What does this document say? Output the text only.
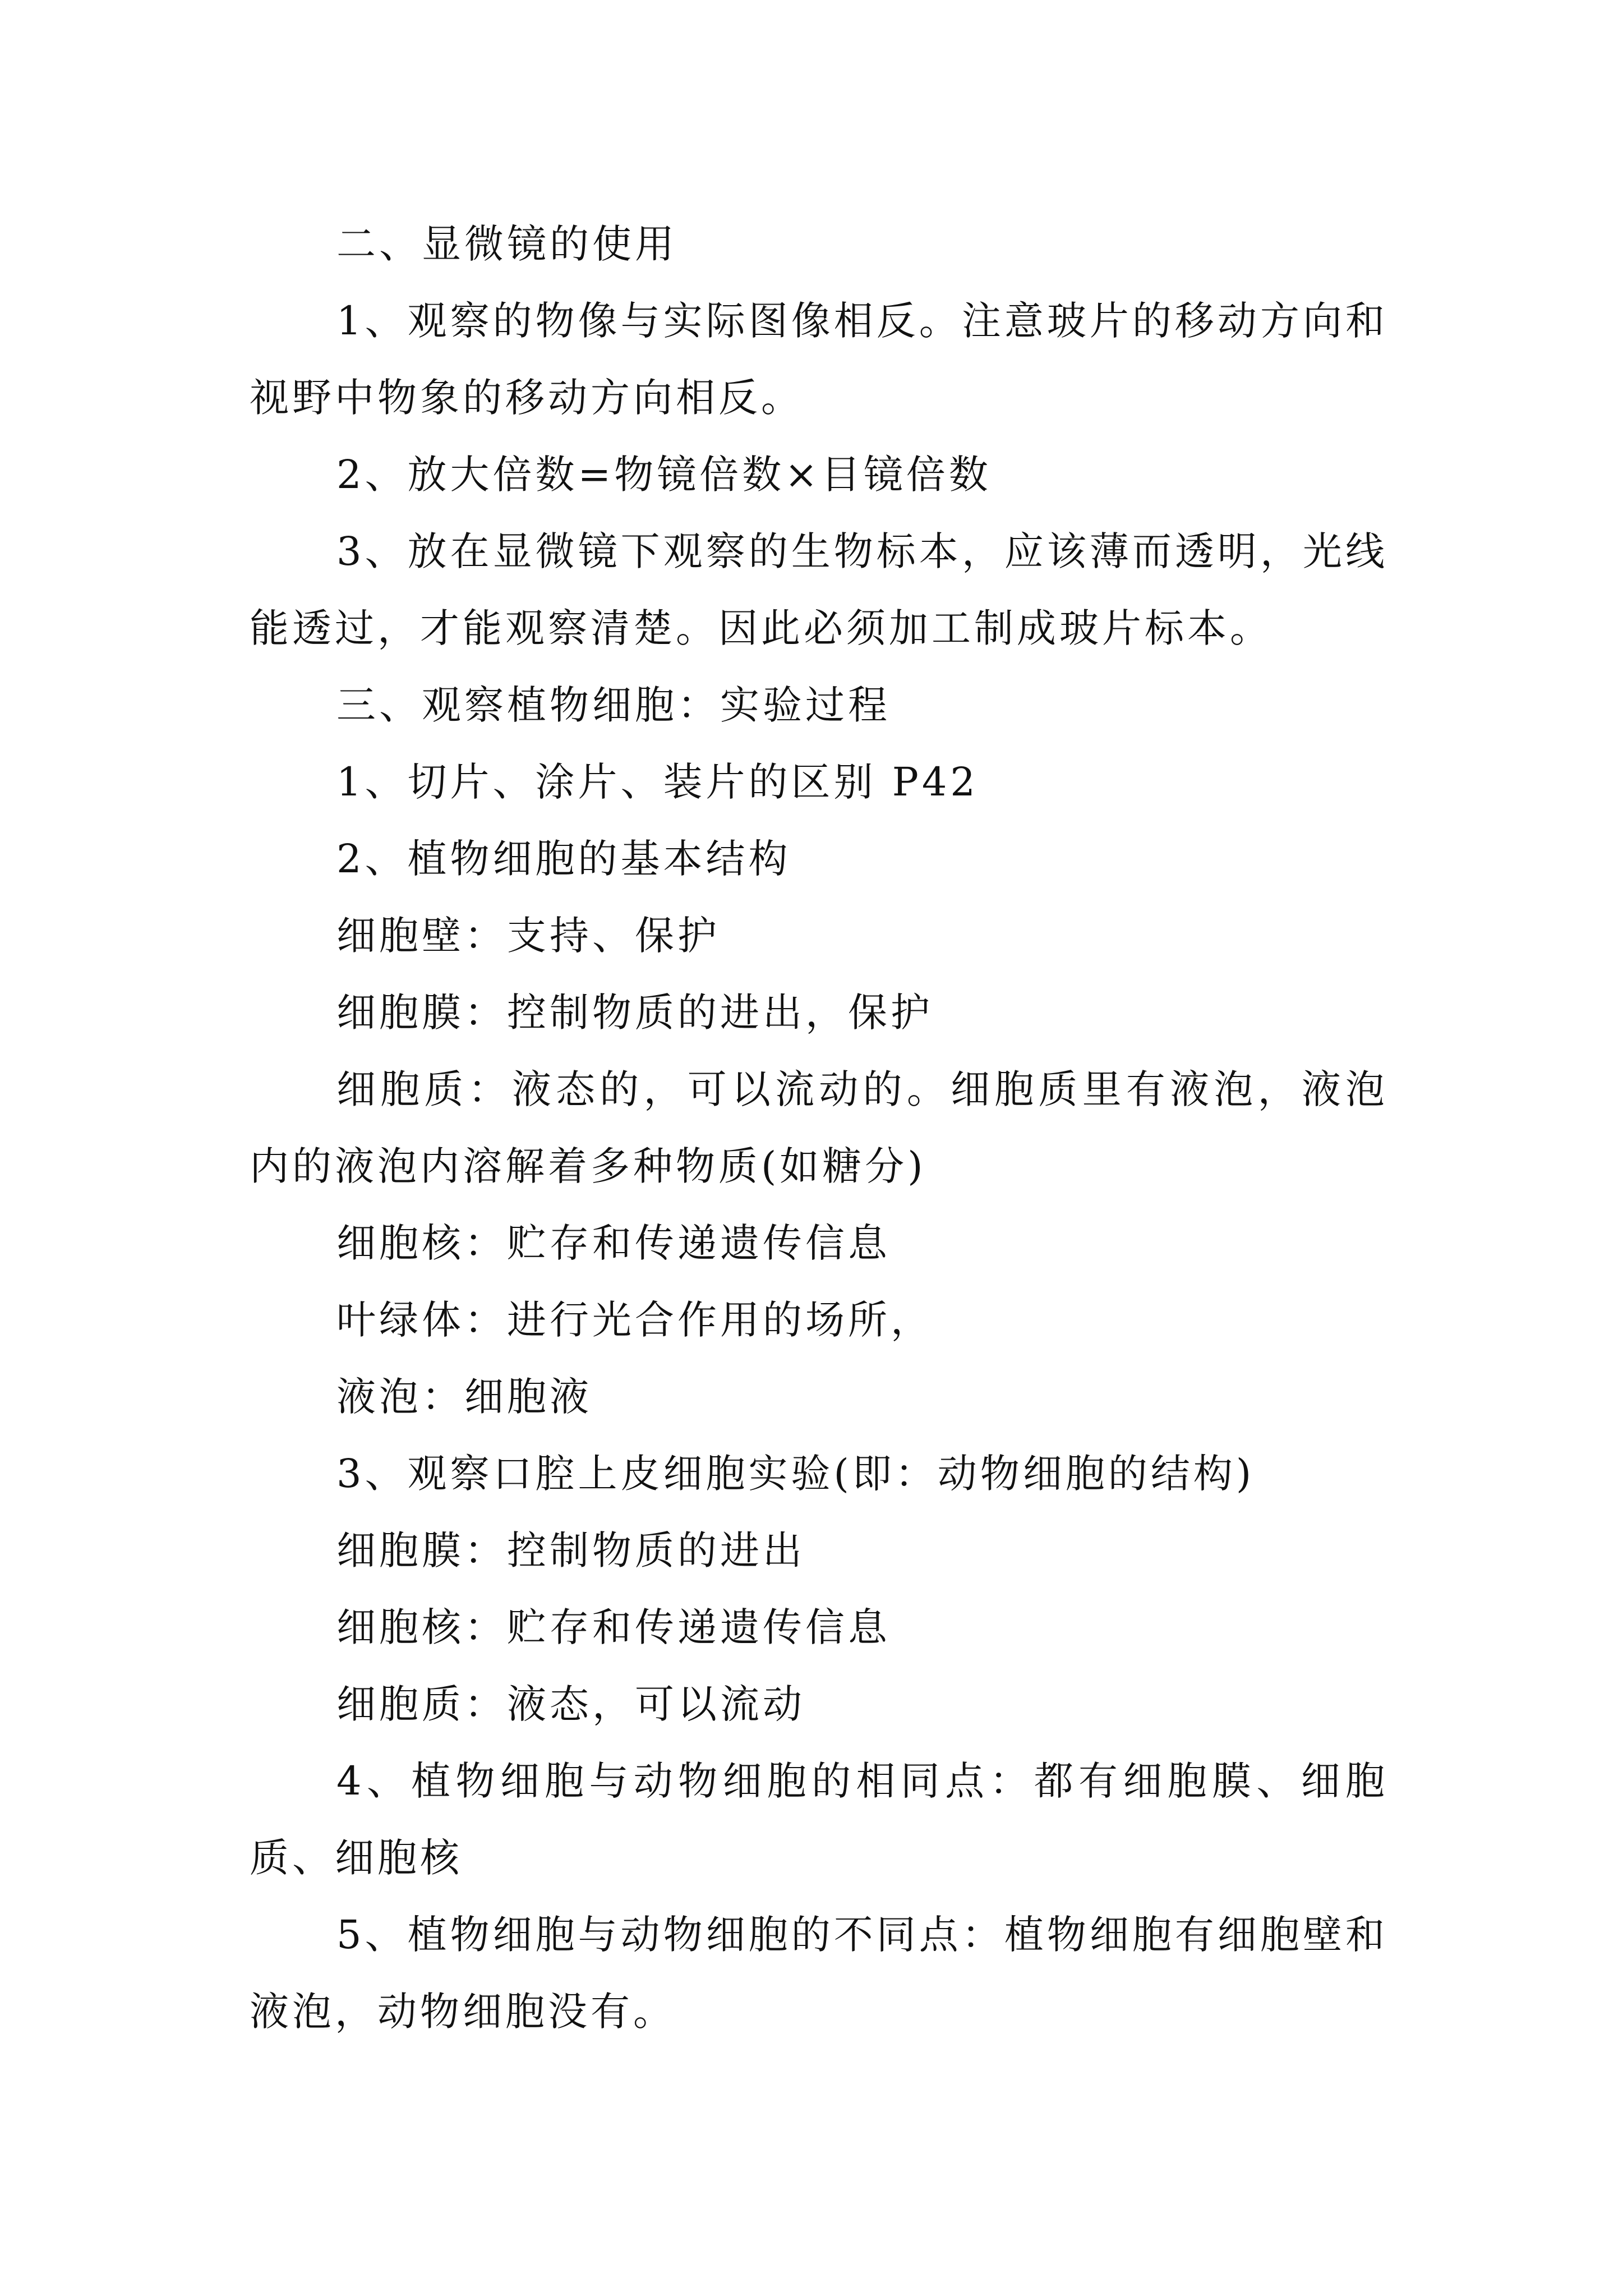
二、显微镜的使用

1、观察的物像与实际图像相反。注意玻片的移动方向和视野中物象的移动方向相反。

2、放大倍数=物镜倍数×目镜倍数

3、放在显微镜下观察的生物标本，应该薄而透明，光线能透过，才能观察清楚。因此必须加工制成玻片标本。

三、观察植物细胞：实验过程

1、切片、涂片、装片的区别 P42

2、植物细胞的基本结构

细胞壁：支持、保护

细胞膜：控制物质的进出，保护

细胞质：液态的，可以流动的。细胞质里有液泡，液泡内的液泡内溶解着多种物质(如糖分)

细胞核：贮存和传递遗传信息

叶绿体：进行光合作用的场所，

液泡：细胞液

3、观察口腔上皮细胞实验(即：动物细胞的结构)

细胞膜：控制物质的进出

细胞核：贮存和传递遗传信息

细胞质：液态，可以流动

4、植物细胞与动物细胞的相同点：都有细胞膜、细胞质、细胞核

5、植物细胞与动物细胞的不同点：植物细胞有细胞壁和液泡，动物细胞没有。
